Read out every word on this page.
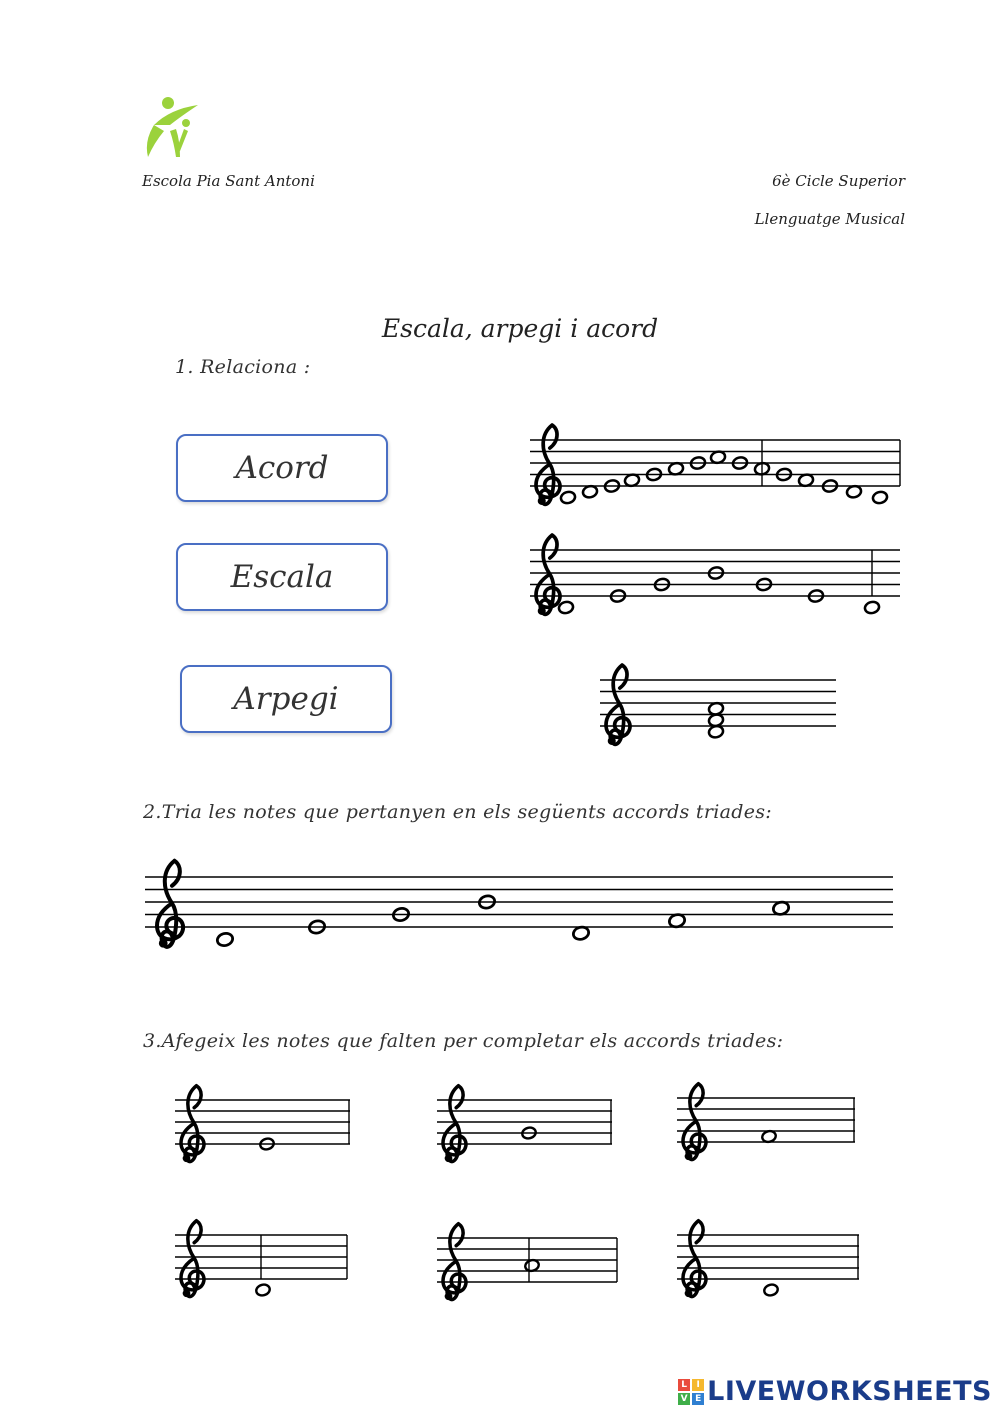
Escola Pia Sant Antoni	6è Cicle Superior
Llenguatge Musical
Escala, arpegi i acord
1. Relaciona :
Acord
Escala
Arpegi
2.Tria les notes que pertanyen en els següents accords triades:
3.Afegeix les notes que falten per completar els accords triades:
L	I
V E LIVEWORKSHEETS
